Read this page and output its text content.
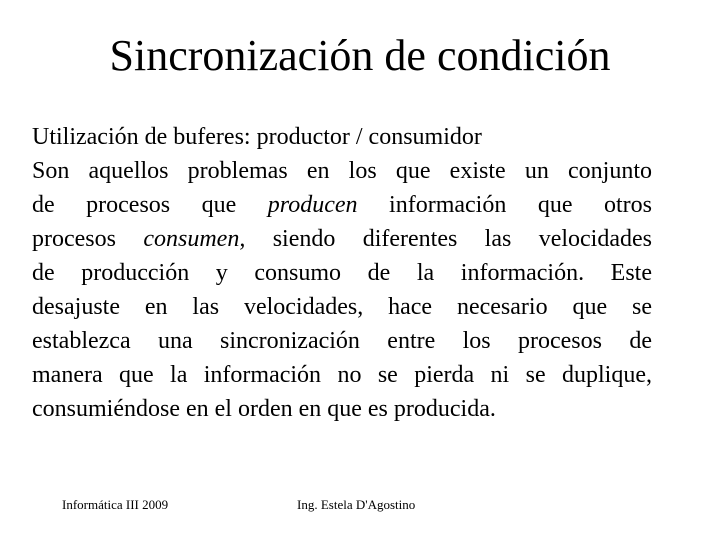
Sincronización de condición
Utilización de buferes: productor / consumidor
Son aquellos problemas en los que existe un conjunto
de procesos que producen información que otros
procesos consumen, siendo diferentes las velocidades
de producción y consumo de la información. Este
desajuste en las velocidades, hace necesario que se
establezca una sincronización entre los procesos de
manera que la información no se pierda ni se duplique,
consumiéndose en el orden en que es producida.
Informática III 2009	Ing. Estela D'Agostino
